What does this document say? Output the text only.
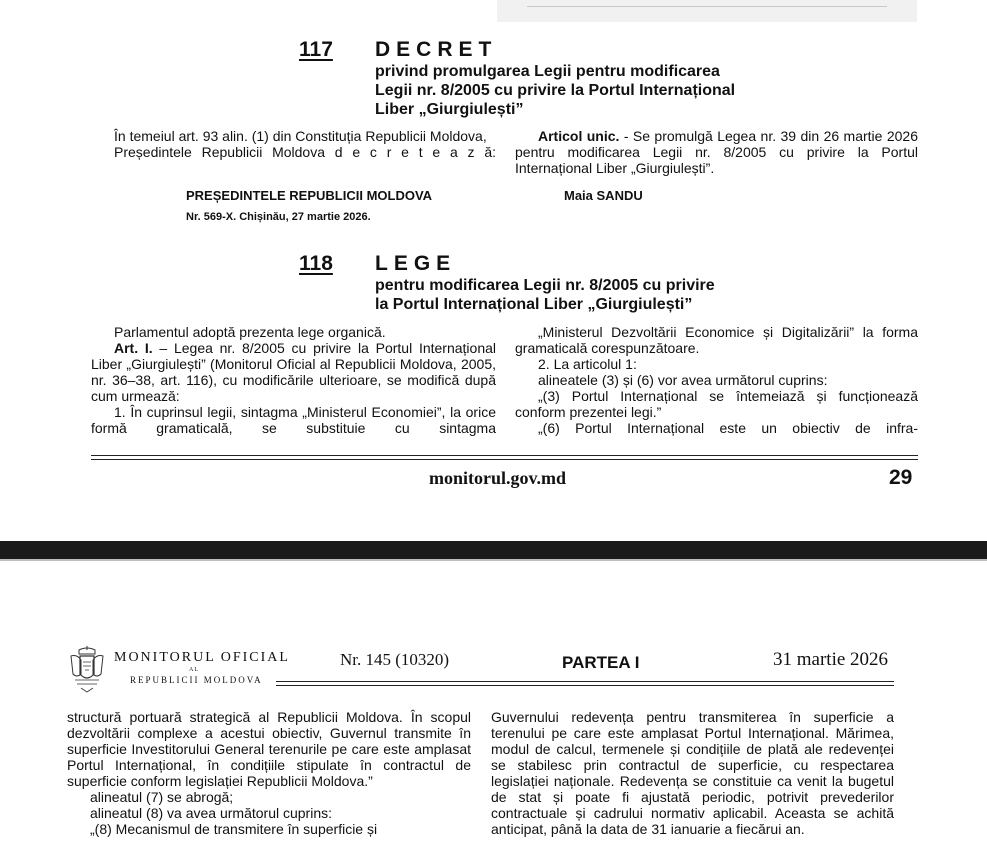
117 DECRET
privind promulgarea Legii pentru modificarea
Legii nr. 8/2005 cu privire la Portul Internațional
Liber „Giurgiulești”

În temeiul art. 93 alin. (1) din Constituția Republicii Moldova,

Președintele Republicii Moldova d e c r e t e a z ă:

Articol unic. - Se promulgă Legea nr. 39 din 26 martie 2026 pentru modificarea Legii nr. 8/2005 cu privire la Portul Internațional Liber „Giurgiulești”.

PREȘEDINTELE REPUBLICII MOLDOVA	Maia SANDU
Nr. 569-X. Chișinău, 27 martie 2026.
118 LEGE
pentru modificarea Legii nr. 8/2005 cu privire
la Portul Internațional Liber „Giurgiulești”

Parlamentul adoptă prezenta lege organică.

Art. I. – Legea nr. 8/2005 cu privire la Portul Internațional Liber „Giurgiulești” (Monitorul Oficial al Republicii Moldova, 2005, nr. 36–38, art. 116), cu modificările ulterioare, se modifică după cum urmează:

1. În cuprinsul legii, sintagma „Ministerul Economiei”, la orice formă gramaticală, se substituie cu sintagma

„Ministerul Dezvoltării Economice și Digitalizării” la forma gramaticală corespunzătoare.

2. La articolul 1:

alineatele (3) și (6) vor avea următorul cuprins:

„(3) Portul Internațional se întemeiază și funcționează conform prezentei legi.”

„(6) Portul Internațional este un obiectiv de infra-

monitorul.gov.md	29
MONITORUL OFICIAL
AL
REPUBLICII MOLDOVA
Nr. 145 (10320)	PARTEA I	31 martie 2026

structură portuară strategică al Republicii Moldova. În scopul dezvoltării complexe a acestui obiectiv, Guvernul transmite în superficie Investitorului General terenurile pe care este amplasat Portul Internațional, în condițiile stipulate în contractul de superficie conform legislației Republicii Moldova.”

alineatul (7) se abrogă;

alineatul (8) va avea următorul cuprins:

„(8) Mecanismul de transmitere în superficie și

Guvernului redevența pentru transmiterea în superficie a terenului pe care este amplasat Portul Internațional. Mărimea, modul de calcul, termenele și condițiile de plată ale redevenței se stabilesc prin contractul de superficie, cu respectarea legislației naționale. Redevența se constituie ca venit la bugetul de stat și poate fi ajustată periodic, potrivit prevederilor contractuale și cadrului normativ aplicabil. Aceasta se achită anticipat, până la data de 31 ianuarie a fiecărui an.
